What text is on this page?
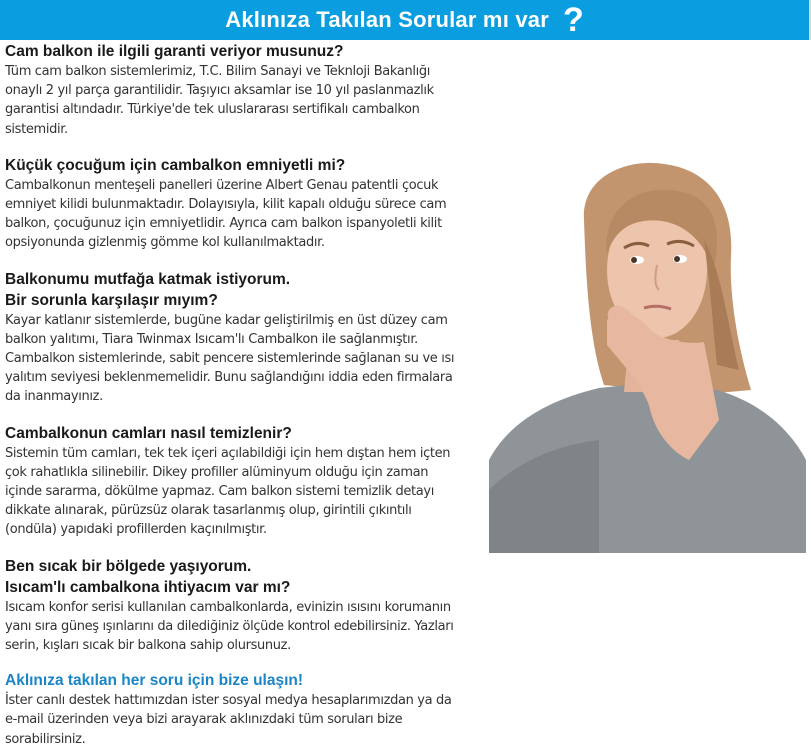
Aklınıza Takılan Sorular mı var ?
Cam balkon ile ilgili garanti veriyor musunuz?

Tüm cam balkon sistemlerimiz, T.C. Bilim Sanayi ve Teknloji Bakanlığı
onaylı 2 yıl parça garantilidir. Taşıyıcı aksamlar ise 10 yıl paslanmazlık
garantisi altındadır. Türkiye'de tek uluslararası sertifikalı cambalkon
sistemidir.

Küçük çocuğum için cambalkon emniyetli mi?

Cambalkonun menteşeli panelleri üzerine Albert Genau patentli çocuk
emniyet kilidi bulunmaktadır. Dolayısıyla, kilit kapalı olduğu sürece cam
balkon, çocuğunuz için emniyetlidir. Ayrıca cam balkon ispanyoletli kilit
opsiyonunda gizlenmiş gömme kol kullanılmaktadır.

Balkonumu mutfağa katmak istiyorum.
Bir sorunla karşılaşır mıyım?

Kayar katlanır sistemlerde, bugüne kadar geliştirilmiş en üst düzey cam
balkon yalıtımı, Tiara Twinmax Isıcam'lı Cambalkon ile sağlanmıştır.
Cambalkon sistemlerinde, sabit pencere sistemlerinde sağlanan su ve ısı
yalıtım seviyesi beklenmemelidir. Bunu sağlandığını iddia eden firmalara
da inanmayınız.

Cambalkonun camları nasıl temizlenir?

Sistemin tüm camları, tek tek içeri açılabildiği için hem dıştan hem içten
çok rahatlıkla silinebilir. Dikey profiller alüminyum olduğu için zaman
içinde sararma, dökülme yapmaz. Cam balkon sistemi temizlik detayı
dikkate alınarak, pürüzsüz olarak tasarlanmış olup, girintili çıkıntılı
(ondüla) yapıdaki profillerden kaçınılmıştır.

Ben sıcak bir bölgede yaşıyorum.
Isıcam'lı cambalkona ihtiyacım var mı?

Isıcam konfor serisi kullanılan cambalkonlarda, evinizin ısısını korumanın
yanı sıra güneş ışınlarını da dilediğiniz ölçüde kontrol edebilirsiniz. Yazları
serin, kışları sıcak bir balkona sahip olursunuz.

Aklınıza takılan her soru için bize ulaşın!

İster canlı destek hattımızdan ister sosyal medya hesaplarımızdan ya da
e-mail üzerinden veya bizi arayarak aklınızdaki tüm soruları bize
sorabilirsiniz.
